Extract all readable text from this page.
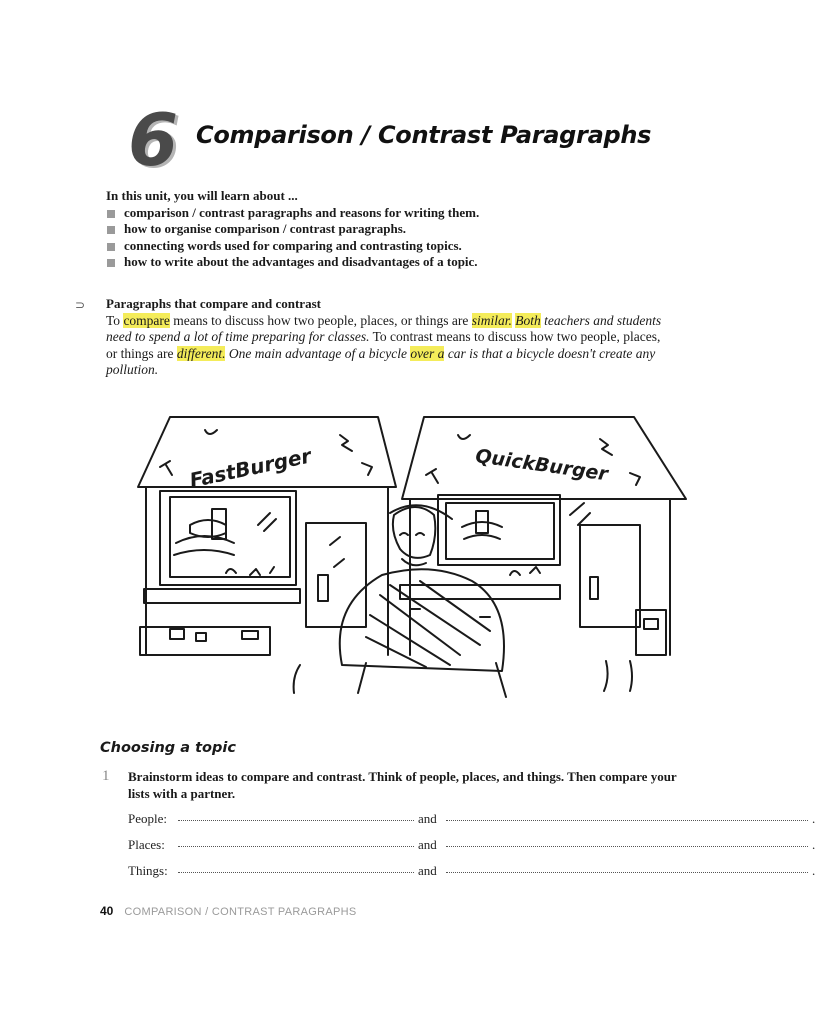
6 Comparison / Contrast Paragraphs

In this unit, you will learn about ...

comparison / contrast paragraphs and reasons for writing them.
how to organise comparison / contrast paragraphs.
connecting words used for comparing and contrasting topics.
how to write about the advantages and disadvantages of a topic.
⊃	Paragraphs that compare and contrast

To compare means to discuss how two people, places, or things are similar. Both teachers and students need to spend a lot of time preparing for classes. To contrast means to discuss how two people, places, or things are different. One main advantage of a bicycle over a car is that a bicycle doesn't create any pollution.

FastBurger	QuickBurger
Choosing a topic
1 Brainstorm ideas to compare and contrast. Think of people, places, and things. Then compare your lists with a partner.

People:	and	.
Places:	and	.
Things:	and	.
40 COMPARISON / CONTRAST PARAGRAPHS
